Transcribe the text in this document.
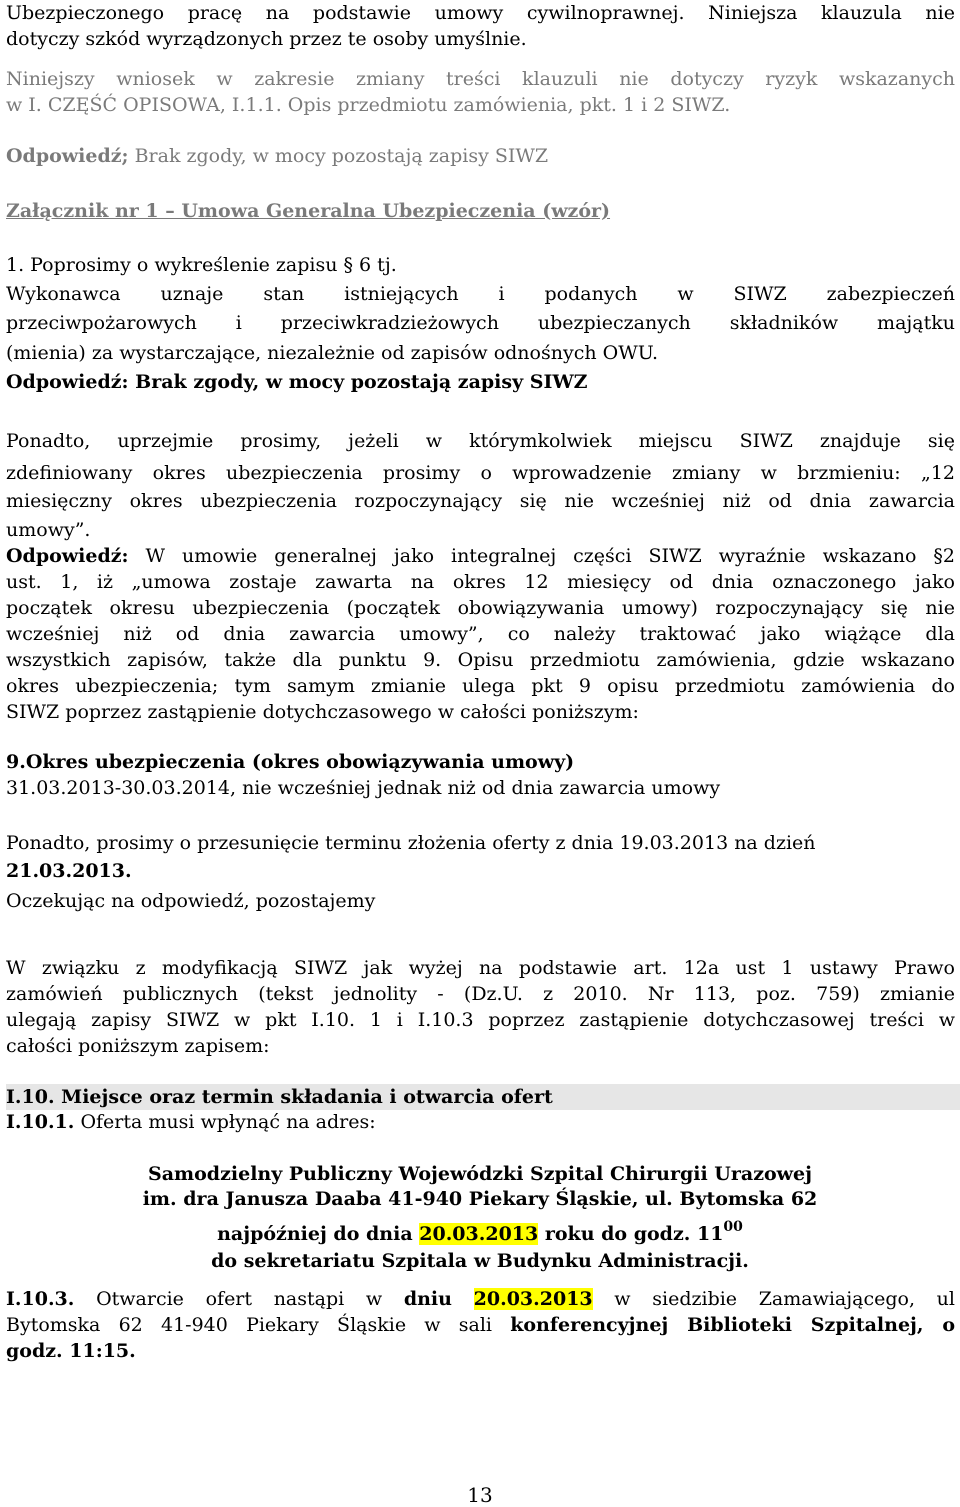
Ubezpieczonego pracę na podstawie umowy cywilnoprawnej. Niniejsza klauzula nie
dotyczy szkód wyrządzonych przez te osoby umyślnie.
Niniejszy wniosek w zakresie zmiany treści klauzuli nie dotyczy ryzyk wskazanych
w I. CZĘŚĆ OPISOWA, I.1.1. Opis przedmiotu zamówienia, pkt. 1 i 2 SIWZ.
Odpowiedź; Brak zgody, w mocy pozostają zapisy SIWZ
Załącznik nr 1 – Umowa Generalna Ubezpieczenia (wzór)
1. Poprosimy o wykreślenie zapisu § 6 tj.
Wykonawca uznaje stan istniejących i podanych w SIWZ zabezpieczeń
przeciwpożarowych i przeciwkradzieżowych ubezpieczanych składników majątku
(mienia) za wystarczające, niezależnie od zapisów odnośnych OWU.
Odpowiedź: Brak zgody, w mocy pozostają zapisy SIWZ
Ponadto, uprzejmie prosimy, jeżeli w którymkolwiek miejscu SIWZ znajduje się
zdefiniowany okres ubezpieczenia prosimy o wprowadzenie zmiany w brzmieniu: „12
miesięczny okres ubezpieczenia rozpoczynający się nie wcześniej niż od dnia zawarcia
umowy”.
Odpowiedź: W umowie generalnej jako integralnej części SIWZ wyraźnie wskazano §2
ust. 1, iż „umowa zostaje zawarta na okres 12 miesięcy od dnia oznaczonego jako
początek okresu ubezpieczenia (początek obowiązywania umowy) rozpoczynający się nie
wcześniej niż od dnia zawarcia umowy”, co należy traktować jako wiążące dla
wszystkich zapisów, także dla punktu 9. Opisu przedmiotu zamówienia, gdzie wskazano
okres ubezpieczenia; tym samym zmianie ulega pkt 9 opisu przedmiotu zamówienia do
SIWZ poprzez zastąpienie dotychczasowego w całości poniższym:
9.Okres ubezpieczenia (okres obowiązywania umowy)
31.03.2013-30.03.2014, nie wcześniej jednak niż od dnia zawarcia umowy
Ponadto, prosimy o przesunięcie terminu złożenia oferty z dnia 19.03.2013 na dzień
21.03.2013.
Oczekując na odpowiedź, pozostajemy
W związku z modyfikacją SIWZ jak wyżej na podstawie art. 12a ust 1 ustawy Prawo
zamówień publicznych (tekst jednolity - (Dz.U. z 2010. Nr 113, poz. 759) zmianie
ulegają zapisy SIWZ w pkt I.10. 1 i I.10.3 poprzez zastąpienie dotychczasowej treści w
całości poniższym zapisem:
I.10. Miejsce oraz termin składania i otwarcia ofert
I.10.1. Oferta musi wpłynąć na adres:
Samodzielny Publiczny Wojewódzki Szpital Chirurgii Urazowej
im. dra Janusza Daaba 41-940 Piekary Śląskie, ul. Bytomska 62
najpóźniej do dnia 20.03.2013 roku do godz. $11^{00}$
do sekretariatu Szpitala w Budynku Administracji.
I.10.3. Otwarcie ofert nastąpi w dniu 20.03.2013 w siedzibie Zamawiającego, ul
Bytomska 62 41-940 Piekary Śląskie w sali konferencyjnej Biblioteki Szpitalnej, o
godz. 11:15.
13
